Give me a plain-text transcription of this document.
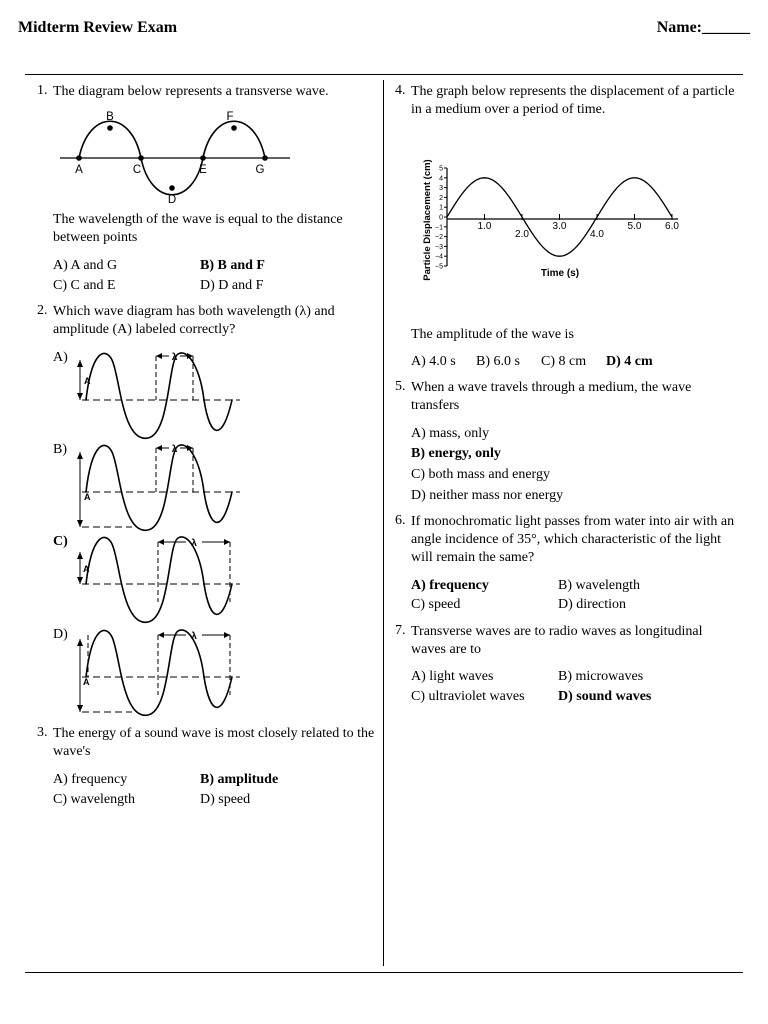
Midterm Review Exam	Name:______
1. The diagram below represents a transverse wave.
A
B
C
D
E
F
G
The wavelength of the wave is equal to the distance between points
A) A and G	B) B and F
C) C and E	D) D and F
2. Which wave diagram has both wavelength (λ) and amplitude (A) labeled correctly?
A)
B)
C)
D)
A
λ
A
λ
A
λ
A
λ
3. The energy of a sound wave is most closely related to the wave's
A) frequency	B) amplitude
C) wavelength	D) speed
4. The graph below represents the displacement of a particle in a medium over a period of time.
Particle Displacement (cm) 5
4
3
2
1
0
−1
−2
−3
−4
−5
1.0
2.0
3.0
4.0
5.0 6.0
Time (s)
The amplitude of the wave is
A) 4.0 s B) 6.0 s C) 8 cm D) 4 cm
5. When a wave travels through a medium, the wave transfers
A) mass, only
B) energy, only
C) both mass and energy
D) neither mass nor energy
6. If monochromatic light passes from water into air with an angle incidence of 35°, which characteristic of the light will remain the same?
A) frequency	B) wavelength
C) speed	D) direction
7. Transverse waves are to radio waves as longitudinal waves are to
A) light waves	B) microwaves
C) ultraviolet waves D) sound waves
